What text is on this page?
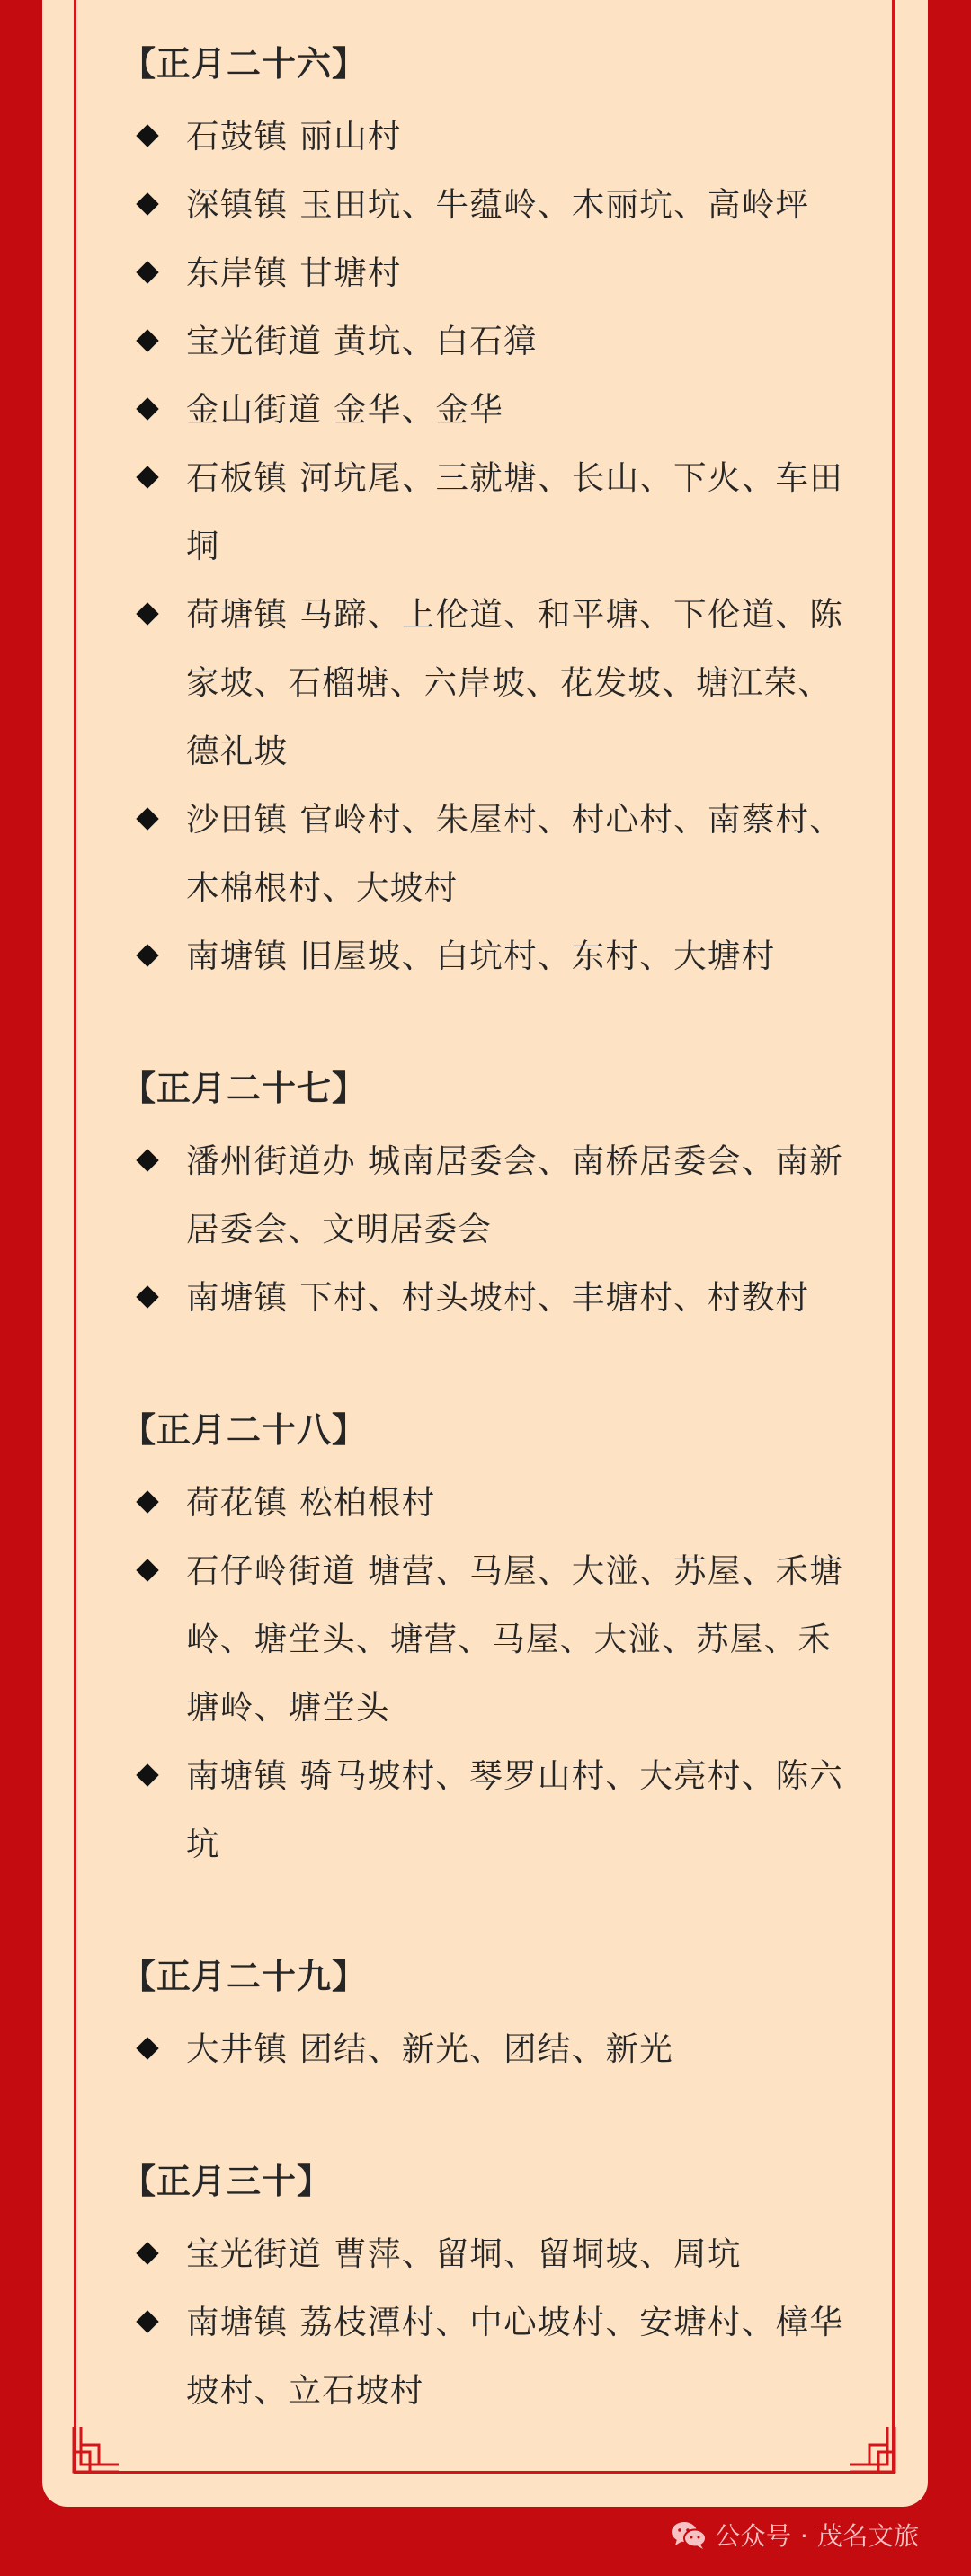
【正月二十六】
石鼓镇 丽山村
深镇镇 玉田坑、牛蕴岭、木丽坑、高岭坪
东岸镇 甘塘村
宝光街道 黄坑、白石獐
金山街道 金华、金华
石板镇 河坑尾、三就塘、长山、下火、车田垌
荷塘镇 马蹄、上伦道、和平塘、下伦道、陈家坡、石榴塘、六岸坡、花发坡、塘江荣、德礼坡
沙田镇 官岭村、朱屋村、村心村、南蔡村、木棉根村、大坡村
南塘镇 旧屋坡、白坑村、东村、大塘村
【正月二十七】
潘州街道办 城南居委会、南桥居委会、南新居委会、文明居委会
南塘镇 下村、村头坡村、丰塘村、村教村
【正月二十八】
荷花镇 松柏根村
石仔岭街道 塘营、马屋、大湴、苏屋、禾塘岭、塘坣头、塘营、马屋、大湴、苏屋、禾塘岭、塘坣头
南塘镇 骑马坡村、琴罗山村、大亮村、陈六坑
【正月二十九】
大井镇 团结、新光、团结、新光
【正月三十】
宝光街道 曹萍、留垌、留垌坡、周坑
南塘镇 荔枝潭村、中心坡村、安塘村、樟华坡村、立石坡村
公众号 · 茂名文旅
